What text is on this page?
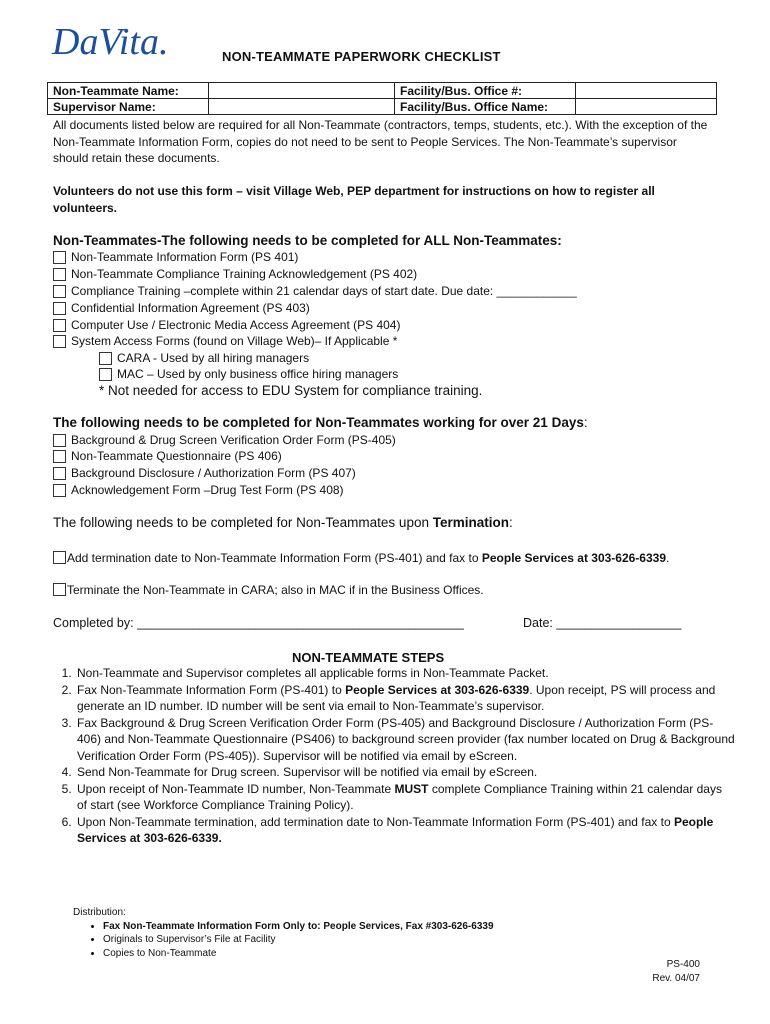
DaVita.	NON-TEAMMATE PAPERWORK CHECKLIST
Non-Teammate Name:		Facility/Bus. Office #:	
Supervisor Name:		Facility/Bus. Office Name:	
All documents listed below are required for all Non-Teammate (contractors, temps, students, etc.). With the exception of the Non-Teammate Information Form, copies do not need to be sent to People Services. The Non-Teammate’s supervisor should retain these documents.
Volunteers do not use this form – visit Village Web, PEP department for instructions on how to register all volunteers.
Non-Teammates-The following needs to be completed for ALL Non-Teammates:
Non-Teammate Information Form (PS 401)
Non-Teammate Compliance Training Acknowledgement (PS 402)
Compliance Training –complete within 21 calendar days of start date. Due date: ____________
Confidential Information Agreement (PS 403)
Computer Use / Electronic Media Access Agreement (PS 404)
System Access Forms (found on Village Web)– If Applicable *
CARA - Used by all hiring managers
MAC – Used by only business office hiring managers
* Not needed for access to EDU System for compliance training.
The following needs to be completed for Non-Teammates working for over 21 Days:
Background & Drug Screen Verification Order Form (PS-405)
Non-Teammate Questionnaire (PS 406)
Background Disclosure / Authorization Form (PS 407)
Acknowledgement Form –Drug Test Form (PS 408)
The following needs to be completed for Non-Teammates upon Termination:
Add termination date to Non-Teammate Information Form (PS-401) and fax to People Services at 303-626-6339.
Terminate the Non-Teammate in CARA; also in MAC if in the Business Offices.
Completed by: _______________________________________________	Date: __________________
NON-TEAMMATE STEPS
1. Non-Teammate and Supervisor completes all applicable forms in Non-Teammate Packet.
2. Fax Non-Teammate Information Form (PS-401) to People Services at 303-626-6339. Upon receipt, PS will process and generate an ID number. ID number will be sent via email to Non-Teammate’s supervisor.
3. Fax Background & Drug Screen Verification Order Form (PS-405) and Background Disclosure / Authorization Form (PS-406) and Non-Teammate Questionnaire (PS406) to background screen provider (fax number located on Drug & Background Verification Order Form (PS-405)). Supervisor will be notified via email by eScreen.
4. Send Non-Teammate for Drug screen. Supervisor will be notified via email by eScreen.
5. Upon receipt of Non-Teammate ID number, Non-Teammate MUST complete Compliance Training within 21 calendar days of start (see Workforce Compliance Training Policy).
6. Upon Non-Teammate termination, add termination date to Non-Teammate Information Form (PS-401) and fax to People Services at 303-626-6339.
Distribution:
• Fax Non-Teammate Information Form Only to: People Services, Fax #303-626-6339
• Originals to Supervisor’s File at Facility
• Copies to Non-Teammate
PS-400
Rev. 04/07
